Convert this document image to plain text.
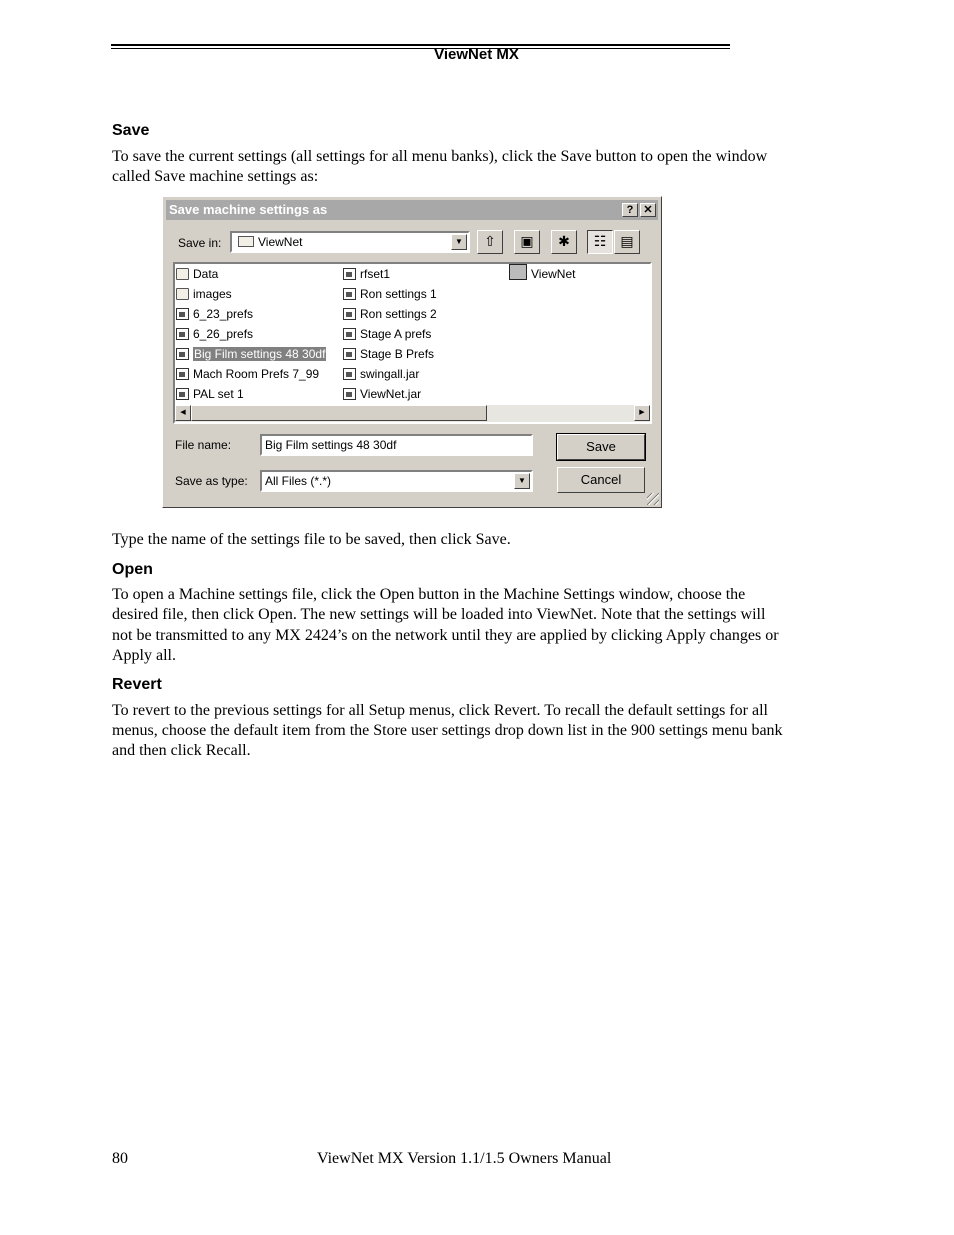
ViewNet MX
Save

To save the current settings (all settings for all menu banks), click the Save button to open the window

called Save machine settings as:

Save machine settings as	? ✕
Save in:	ViewNet	▼	⇧	▣	✱	☷	▤
Data
images
6_23_prefs
6_26_prefs
Big Film settings 48 30df
Mach Room Prefs 7_99
PAL set 1
rfset1
Ron settings 1
Ron settings 2
Stage A prefs
Stage B Prefs
swingall.jar
ViewNet.jar
ViewNet
◀	▶
File name:	Big Film settings 48 30df
Save as type: All Files (*.*)	▼
Save
Cancel

Type the name of the settings file to be saved, then click Save.

Open

To open a Machine settings file, click the Open button in the Machine Settings window, choose the

desired file, then click Open. The new settings will be loaded into ViewNet. Note that the settings will

not be transmitted to any MX 2424’s on the network until they are applied by clicking Apply changes or

Apply all.

Revert

To revert to the previous settings for all Setup menus, click Revert. To recall the default settings for all

menus, choose the default item from the Store user settings drop down list in the 900 settings menu bank

and then click Recall.

80	ViewNet MX Version 1.1/1.5 Owners Manual
